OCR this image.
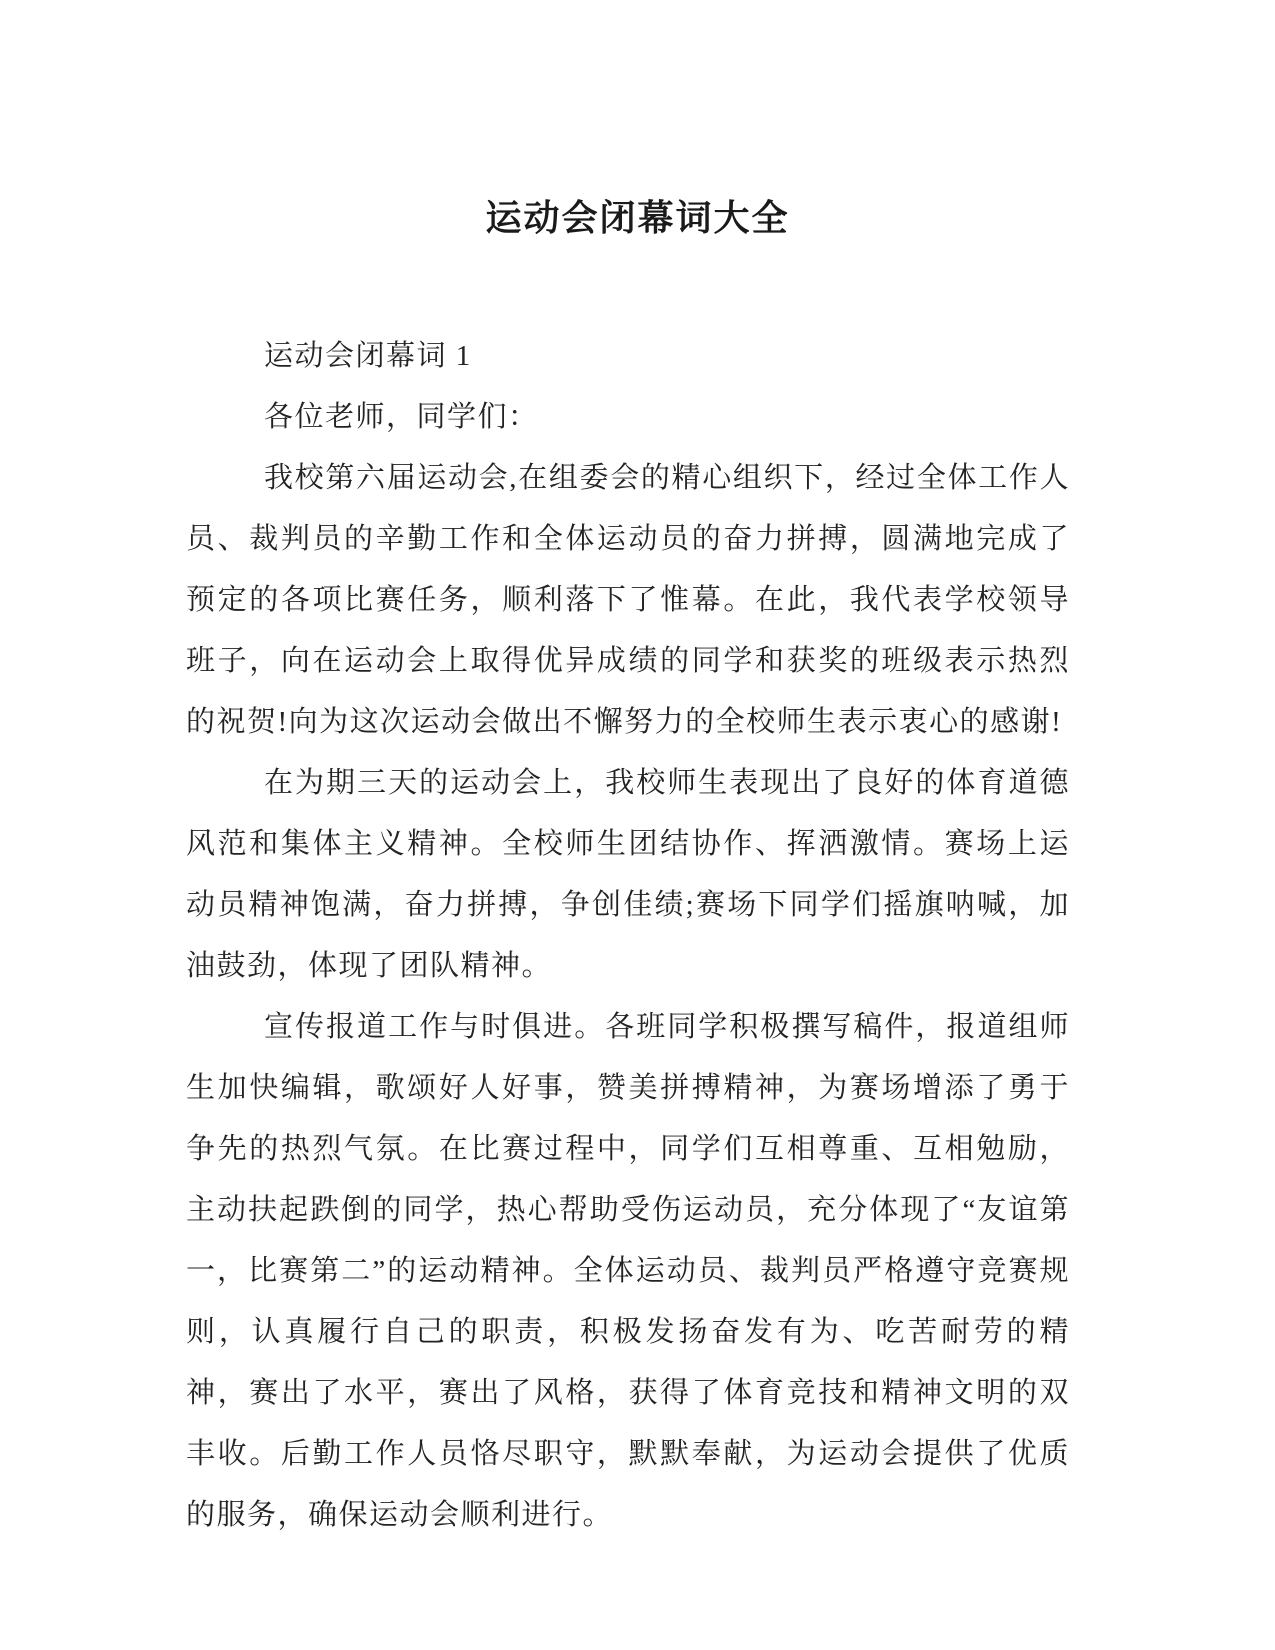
运动会闭幕词大全

运动会闭幕词 1

各位老师，同学们：

我校第六届运动会,在组委会的精心组织下，经过全体工作人员、裁判员的辛勤工作和全体运动员的奋力拼搏，圆满地完成了预定的各项比赛任务，顺利落下了惟幕。在此，我代表学校领导班子，向在运动会上取得优异成绩的同学和获奖的班级表示热烈的祝贺!向为这次运动会做出不懈努力的全校师生表示衷心的感谢!

在为期三天的运动会上，我校师生表现出了良好的体育道德风范和集体主义精神。全校师生团结协作、挥洒激情。赛场上运动员精神饱满，奋力拼搏，争创佳绩;赛场下同学们摇旗呐喊，加油鼓劲，体现了团队精神。

宣传报道工作与时俱进。各班同学积极撰写稿件，报道组师生加快编辑，歌颂好人好事，赞美拼搏精神，为赛场增添了勇于争先的热烈气氛。在比赛过程中，同学们互相尊重、互相勉励，主动扶起跌倒的同学，热心帮助受伤运动员，充分体现了“友谊第一，比赛第二”的运动精神。全体运动员、裁判员严格遵守竞赛规则，认真履行自己的职责，积极发扬奋发有为、吃苦耐劳的精神，赛出了水平，赛出了风格，获得了体育竞技和精神文明的双丰收。后勤工作人员恪尽职守，默默奉献，为运动会提供了优质的服务，确保运动会顺利进行。
